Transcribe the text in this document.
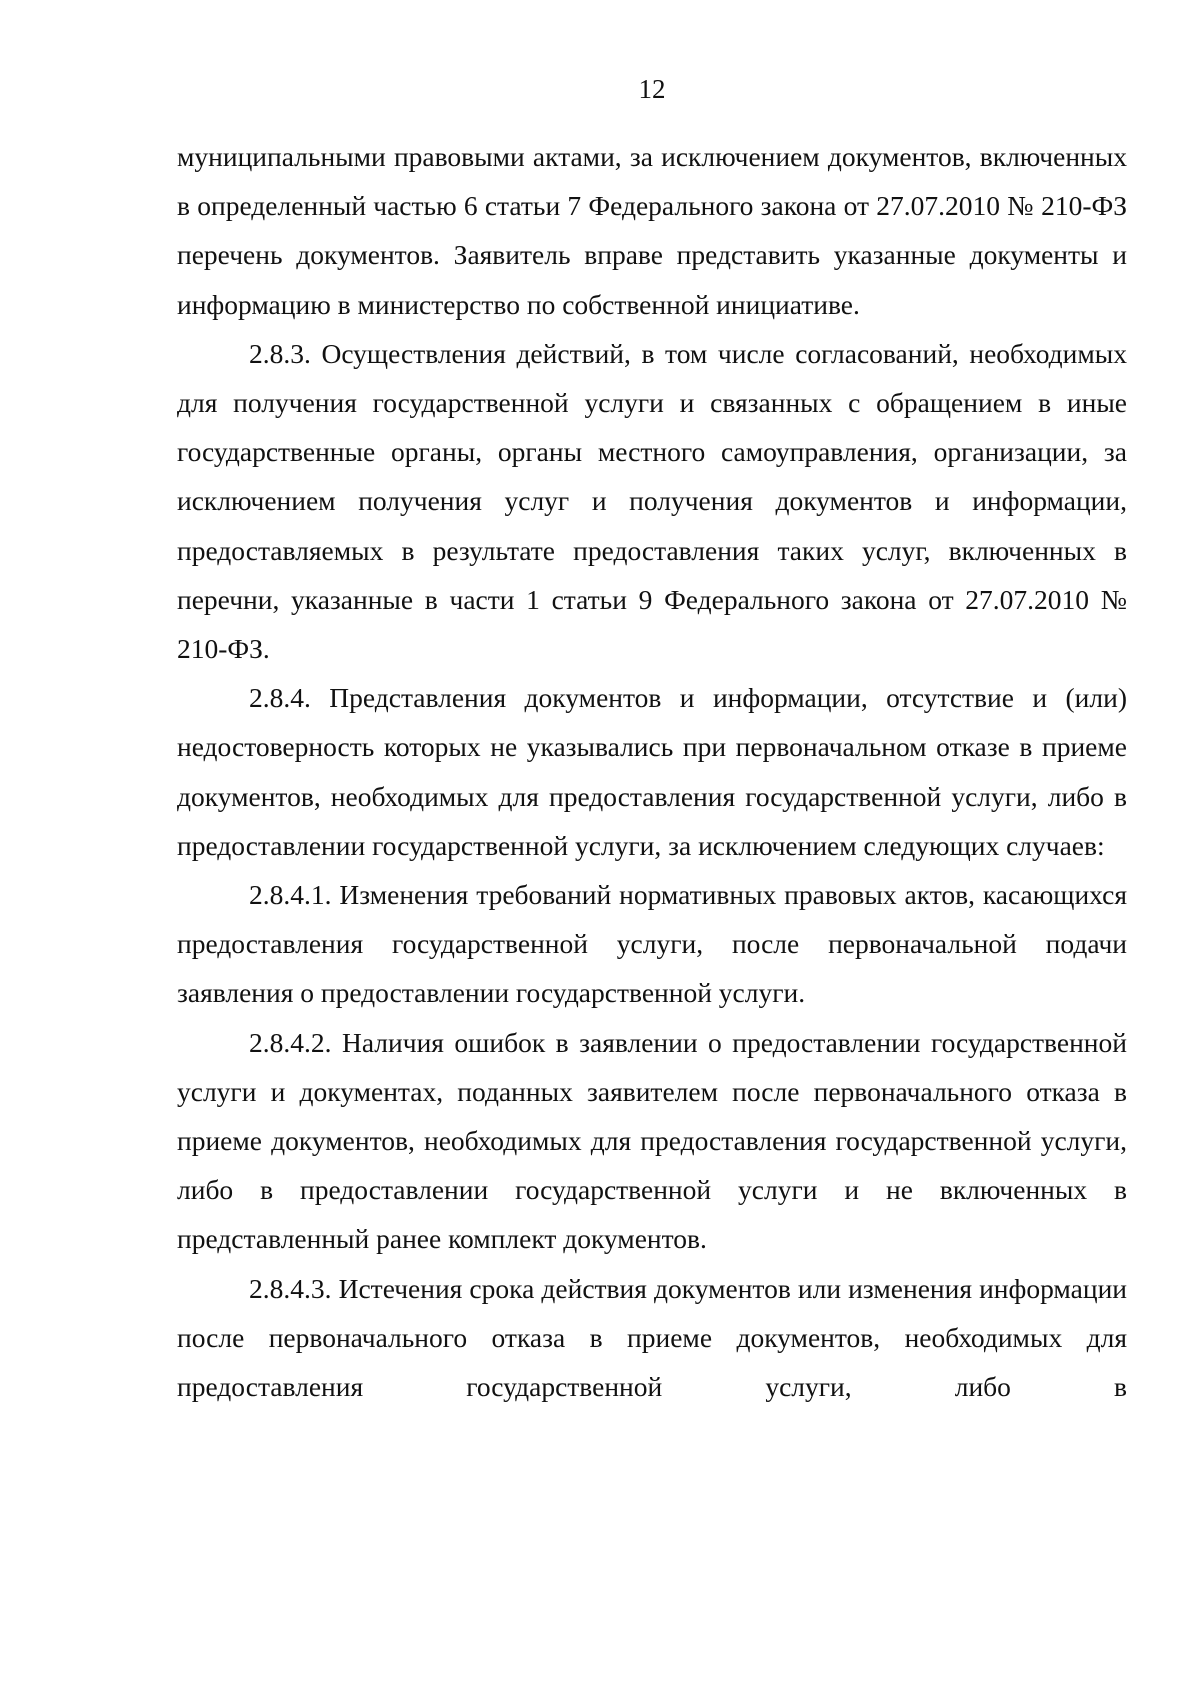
12

муниципальными правовыми актами, за исключением документов, включенных в определенный частью 6 статьи 7 Федерального закона от 27.07.2010 № 210-ФЗ перечень документов. Заявитель вправе представить указанные документы и информацию в министерство по собственной инициативе.

2.8.3. Осуществления действий, в том числе согласований, необходимых для получения государственной услуги и связанных с обращением в иные государственные органы, органы местного самоуправления, организации, за исключением получения услуг и получения документов и информации, предоставляемых в результате предоставления таких услуг, включенных в перечни, указанные в части 1 статьи 9 Федерального закона от 27.07.2010 № 210-ФЗ.

2.8.4. Представления документов и информации, отсутствие и (или) недостоверность которых не указывались при первоначальном отказе в приеме документов, необходимых для предоставления государственной услуги, либо в предоставлении государственной услуги, за исключением следующих случаев:

2.8.4.1. Изменения требований нормативных правовых актов, касающихся предоставления государственной услуги, после первоначальной подачи заявления о предоставлении государственной услуги.

2.8.4.2. Наличия ошибок в заявлении о предоставлении государственной услуги и документах, поданных заявителем после первоначального отказа в приеме документов, необходимых для предоставления государственной услуги, либо в предоставлении государственной услуги и не включенных в представленный ранее комплект документов.

2.8.4.3. Истечения срока действия документов или изменения информации после первоначального отказа в приеме документов, необходимых для предоставления государственной услуги, либо в
